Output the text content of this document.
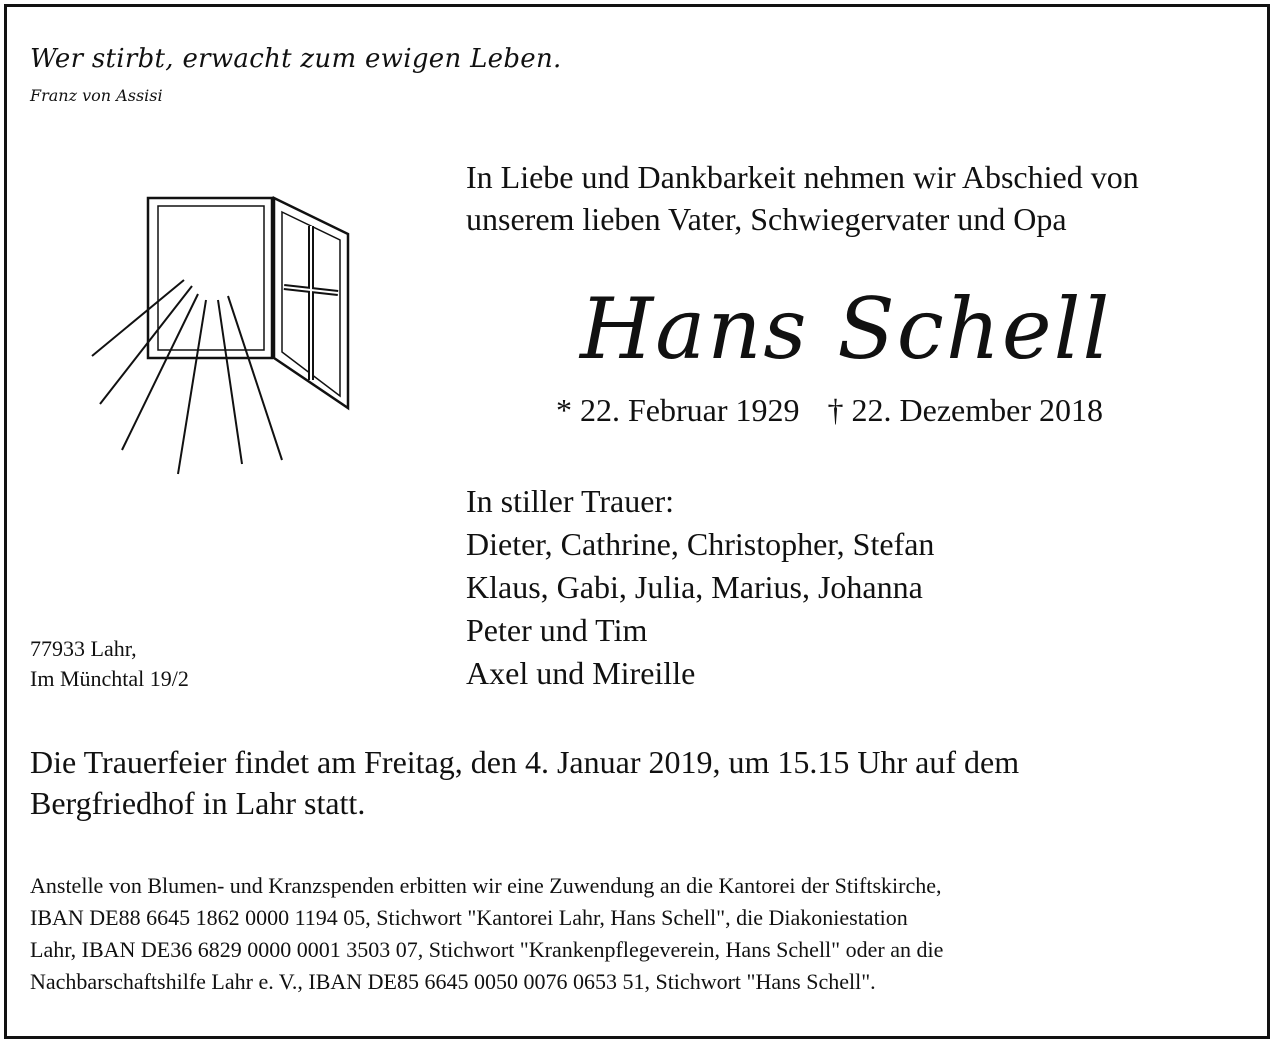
Wer stirbt, erwacht zum ewigen Leben.
Franz von Assisi
In Liebe und Dankbarkeit nehmen wir Abschied von
unserem lieben Vater, Schwiegervater und Opa
Hans Schell
* 22. Februar 1929 † 22. Dezember 2018
In stiller Trauer:
Dieter, Cathrine, Christopher, Stefan
Klaus, Gabi, Julia, Marius, Johanna
Peter und Tim
Axel und Mireille
77933 Lahr,
Im Münchtal 19/2
Die Trauerfeier findet am Freitag, den 4. Januar 2019, um 15.15 Uhr auf dem
Bergfriedhof in Lahr statt.
Anstelle von Blumen- und Kranzspenden erbitten wir eine Zuwendung an die Kantorei der Stiftskirche,
IBAN DE88 6645 1862 0000 1194 05, Stichwort "Kantorei Lahr, Hans Schell", die Diakoniestation
Lahr, IBAN DE36 6829 0000 0001 3503 07, Stichwort "Krankenpflegeverein, Hans Schell" oder an die
Nachbarschaftshilfe Lahr e. V., IBAN DE85 6645 0050 0076 0653 51, Stichwort "Hans Schell".
